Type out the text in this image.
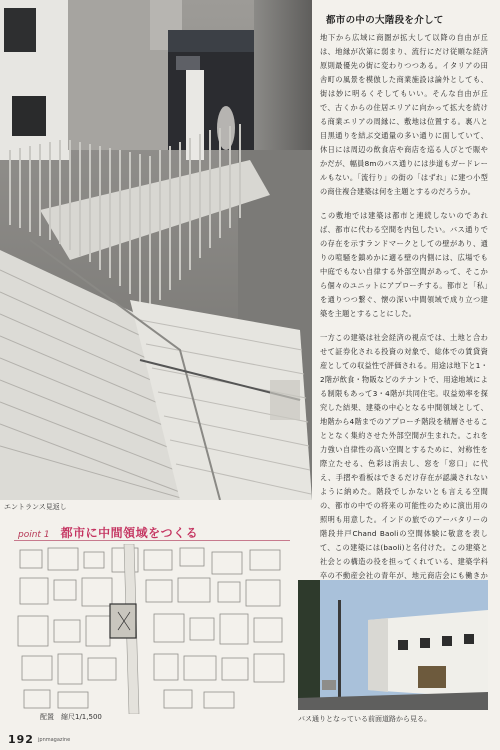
エントランス見返し
都市の中の大階段を介して

地下から広域に商圏が拡大して以降の自由が丘は、地縁が次第に弱まり、流行にだけ従順な経済原則最優先の街に変わりつつある。イタリアの田舎町の風景を模倣した商業施設は論外としても、街は妙に明るくそしてもいい。そんな自由が丘で、古くからの住居エリアに向かって拡大を続ける商業エリアの周縁に、敷地は位置する。裏八と目黒通りを結ぶ交通量の多い通りに面していて、休日には周辺の飲食店や商店を巡る人びとで賑やかだが、幅員8mのバス通りには歩道もガードレールもない。「流行り」の街の「はずれ」に建つ小型の商住複合建築は何を主題とするのだろうか。

この敷地では建築は都市と連続しないのであれば、都市に代わる空間を内包したい。バス通りでの存在を示すランドマークとしての壁があり、通りの喧騒を鎮めかに適る壁の内側には、広場でも中庭でもない自律する外部空間があって、そこから個々のユニットにアプローチする。都市と「私」を通りつつ繋ぐ、懐の深い中間領域で成り立つ建築を主題とすることにした。

一方この建築は社会経済の視点では、土地と合わせて証券化される投資の対象で、総体での賃貸資産としての収益性で評価される。用途は地下と1・2階が飲食・物販などのテナントで、用途地域による制限もあって3・4階が共同住宅。収益効率を探究した結果、建築の中心となる中間領域として、地階から4階までのアプローチ階段を積層させることとなく集約させた外部空間が生まれた。これを力強い自律性の高い空間とするために、対称性を際立たせる、色彩は消去し、窓を「窓口」に代え、手摺や看板はできるだけ存在が認識されないように納めた。階段でしかないとも言える空間の、都市の中での将来の可能性のために演出用の照明も用意した。インドの旅でのアーバタリーの階段井戸Chand Baoliの空間体験に敬意を表して、この建築には(baoli)と名付けた。この建築と社会との構造の役を担ってくれている、建築学科卒の不動産会社の青年が、地元商店会にも働きか

point 1 都市に中間領域をつくる
配置　縮尺1/1,500	バス通りとなっている前面道路から見る。
192 jpnmagazine
